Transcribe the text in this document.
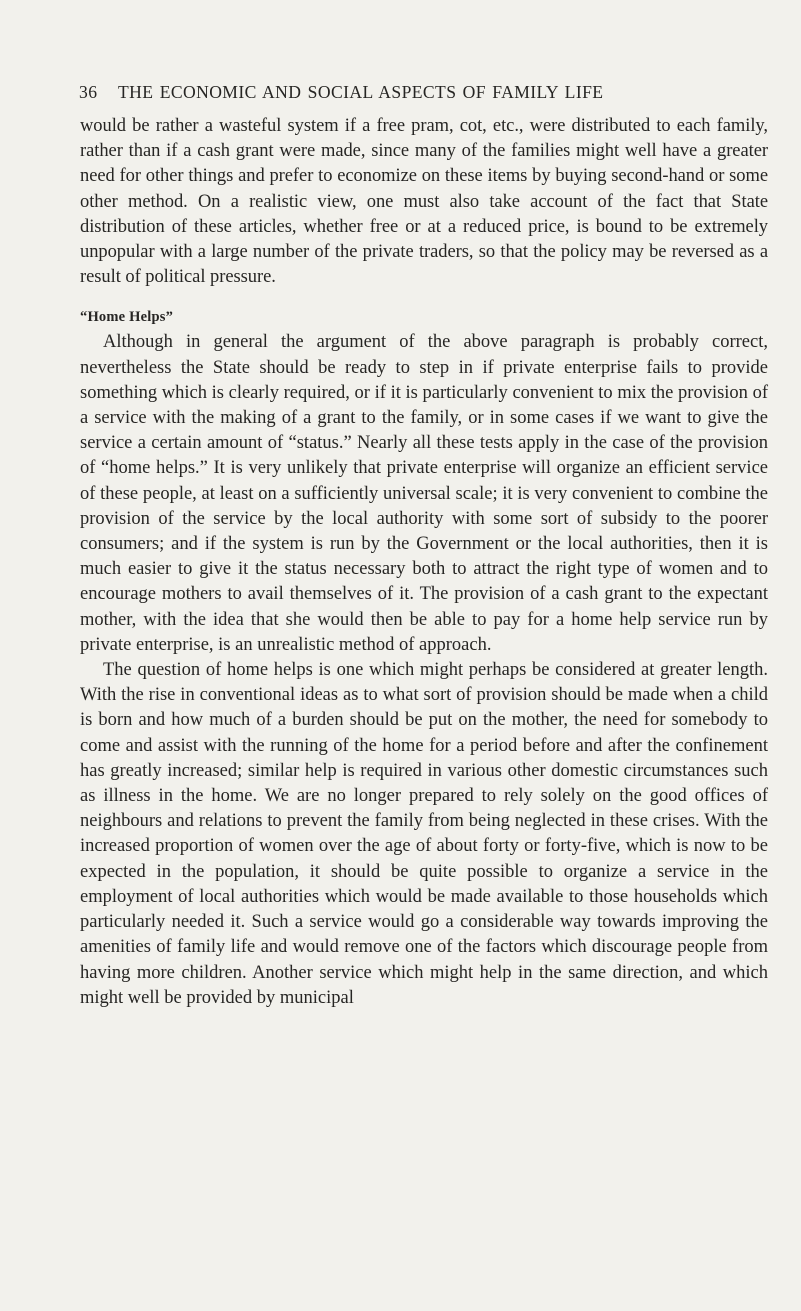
36 THE ECONOMIC AND SOCIAL ASPECTS OF FAMILY LIFE

would be rather a wasteful system if a free pram, cot, etc., were distributed to each family, rather than if a cash grant were made, since many of the families might well have a greater need for other things and prefer to economize on these items by buying second-hand or some other method. On a realistic view, one must also take account of the fact that State distribution of these articles, whether free or at a reduced price, is bound to be extremely unpopular with a large number of the private traders, so that the policy may be reversed as a result of political pressure.

“Home Helps”

Although in general the argument of the above paragraph is probably correct, nevertheless the State should be ready to step in if private enterprise fails to provide something which is clearly required, or if it is particularly convenient to mix the provision of a service with the making of a grant to the family, or in some cases if we want to give the service a certain amount of “status.” Nearly all these tests apply in the case of the provision of “home helps.” It is very unlikely that private enterprise will organize an efficient service of these people, at least on a sufficiently universal scale; it is very convenient to combine the provision of the service by the local authority with some sort of subsidy to the poorer consumers; and if the system is run by the Government or the local authorities, then it is much easier to give it the status necessary both to attract the right type of women and to encourage mothers to avail themselves of it. The provision of a cash grant to the expectant mother, with the idea that she would then be able to pay for a home help service run by private enterprise, is an unrealistic method of approach.

The question of home helps is one which might perhaps be considered at greater length. With the rise in conventional ideas as to what sort of provision should be made when a child is born and how much of a burden should be put on the mother, the need for somebody to come and assist with the running of the home for a period before and after the confinement has greatly increased; similar help is required in various other domestic circumstances such as illness in the home. We are no longer prepared to rely solely on the good offices of neighbours and relations to prevent the family from being neglected in these crises. With the increased proportion of women over the age of about forty or forty-five, which is now to be expected in the population, it should be quite possible to organize a service in the employment of local authorities which would be made available to those households which particularly needed it. Such a service would go a considerable way towards improving the amenities of family life and would remove one of the factors which discourage people from having more children. Another service which might help in the same direction, and which might well be provided by municipal
